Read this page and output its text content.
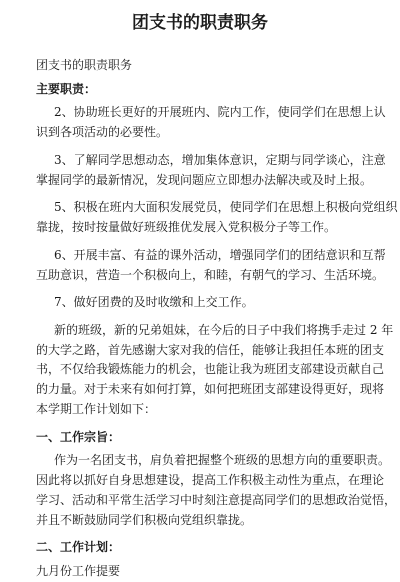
团支书的职责职务
团支书的职责职务
主要职责：
2、协助班长更好的开展班内、院内工作，使同学们在思想上认
识到各项活动的必要性。
3、了解同学思想动态，增加集体意识，定期与同学谈心，注意
掌握同学的最新情况，发现问题应立即想办法解决或及时上报。
5、积极在班内大面积发展党员，使同学们在思想上积极向党组织
靠拢，按时按量做好班级推优发展入党积极分子等工作。
6、开展丰富、有益的课外活动，增强同学们的团结意识和互帮
互助意识，营造一个积极向上，和睦，有朝气的学习、生活环境。
7、做好团费的及时收缴和上交工作。
新的班级，新的兄弟姐妹，在今后的日子中我们将携手走过 2 年
的大学之路，首先感谢大家对我的信任，能够让我担任本班的团支
书，不仅给我锻炼能力的机会，也能让我为班团支部建设贡献自己
的力量。对于未来有如何打算，如何把班团支部建设得更好，现将
本学期工作计划如下：
一、工作宗旨：
作为一名团支书，肩负着把握整个班级的思想方向的重要职责。
因此将以抓好自身思想建设，提高工作积极主动性为重点，在理论
学习、活动和平常生活学习中时刻注意提高同学们的思想政治觉悟，
并且不断鼓励同学们积极向党组织靠拢。
二、工作计划：
九月份工作提要
